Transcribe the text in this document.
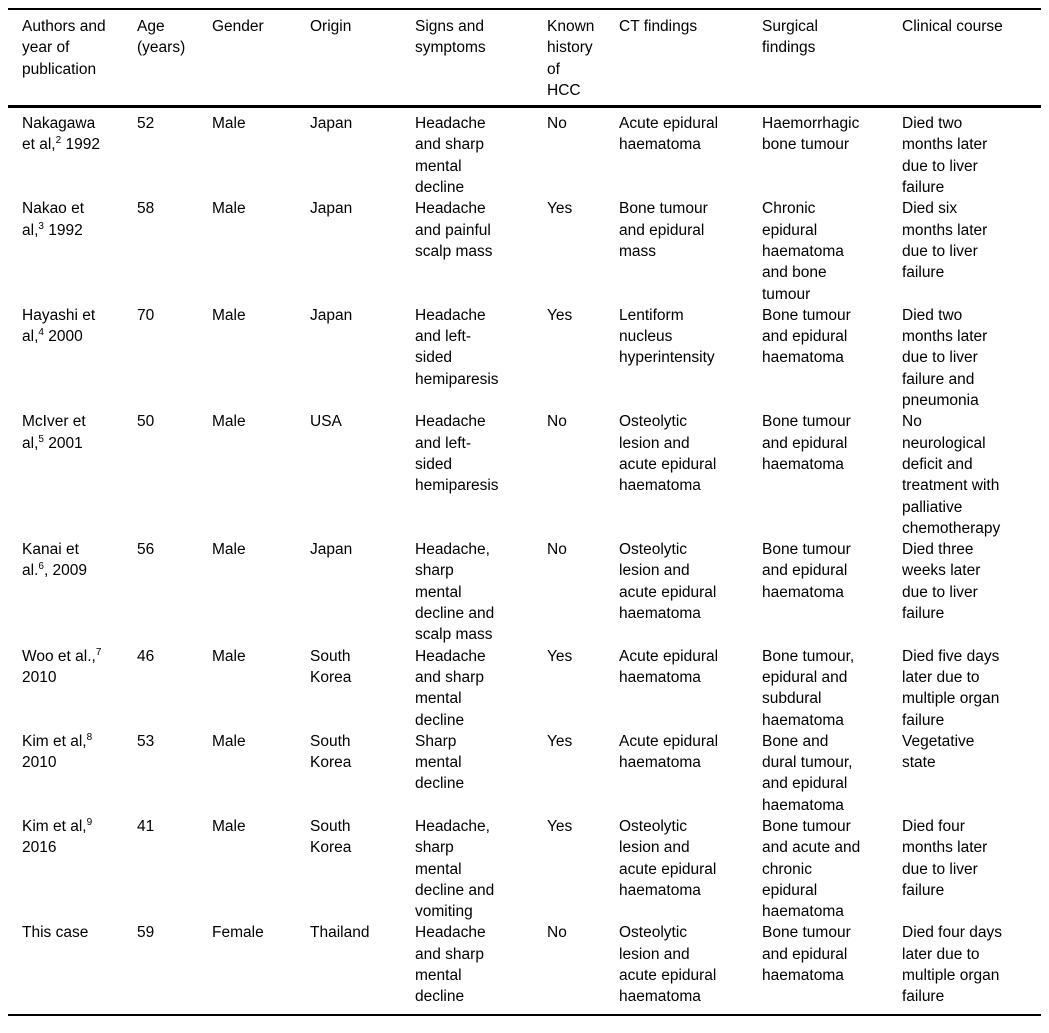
Authors and year of publication	Age (years)	Gender	Origin	Signs and symptoms	Known history of HCC	CT findings	Surgical findings	Clinical course
Nakagawa et al,$^2$ 1992	52	Male	Japan	Headache and sharp mental decline	No	Acute epidural haematoma	Haemorrhagic bone tumour	Died two months later due to liver failure
Nakao et al,$^3$ 1992	58	Male	Japan	Headache and painful scalp mass	Yes	Bone tumour and epidural mass	Chronic epidural haematoma and bone tumour	Died six months later due to liver failure
Hayashi et al,$^4$ 2000	70	Male	Japan	Headache and left-sided hemiparesis	Yes	Lentiform nucleus hyperintensity	Bone tumour and epidural haematoma	Died two months later due to liver failure and pneumonia
McIver et al,$^5$ 2001	50	Male	USA	Headache and left-sided hemiparesis	No	Osteolytic lesion and acute epidural haematoma	Bone tumour and epidural haematoma	No neurological deficit and treatment with palliative chemotherapy
Kanai et al.$^6$, 2009	56	Male	Japan	Headache, sharp mental decline and scalp mass	No	Osteolytic lesion and acute epidural haematoma	Bone tumour and epidural haematoma	Died three weeks later due to liver failure
Woo et al.,$^7$ 2010	46	Male	South Korea	Headache and sharp mental decline	Yes	Acute epidural haematoma	Bone tumour, epidural and subdural haematoma	Died five days later due to multiple organ failure
Kim et al,$^8$ 2010	53	Male	South Korea	Sharp mental decline	Yes	Acute epidural haematoma	Bone and dural tumour, and epidural haematoma	Vegetative state
Kim et al,$^9$ 2016	41	Male	South Korea	Headache, sharp mental decline and vomiting	Yes	Osteolytic lesion and acute epidural haematoma	Bone tumour and acute and chronic epidural haematoma	Died four months later due to liver failure
This case	59	Female	Thailand	Headache and sharp mental decline	No	Osteolytic lesion and acute epidural haematoma	Bone tumour and epidural haematoma	Died four days later due to multiple organ failure
